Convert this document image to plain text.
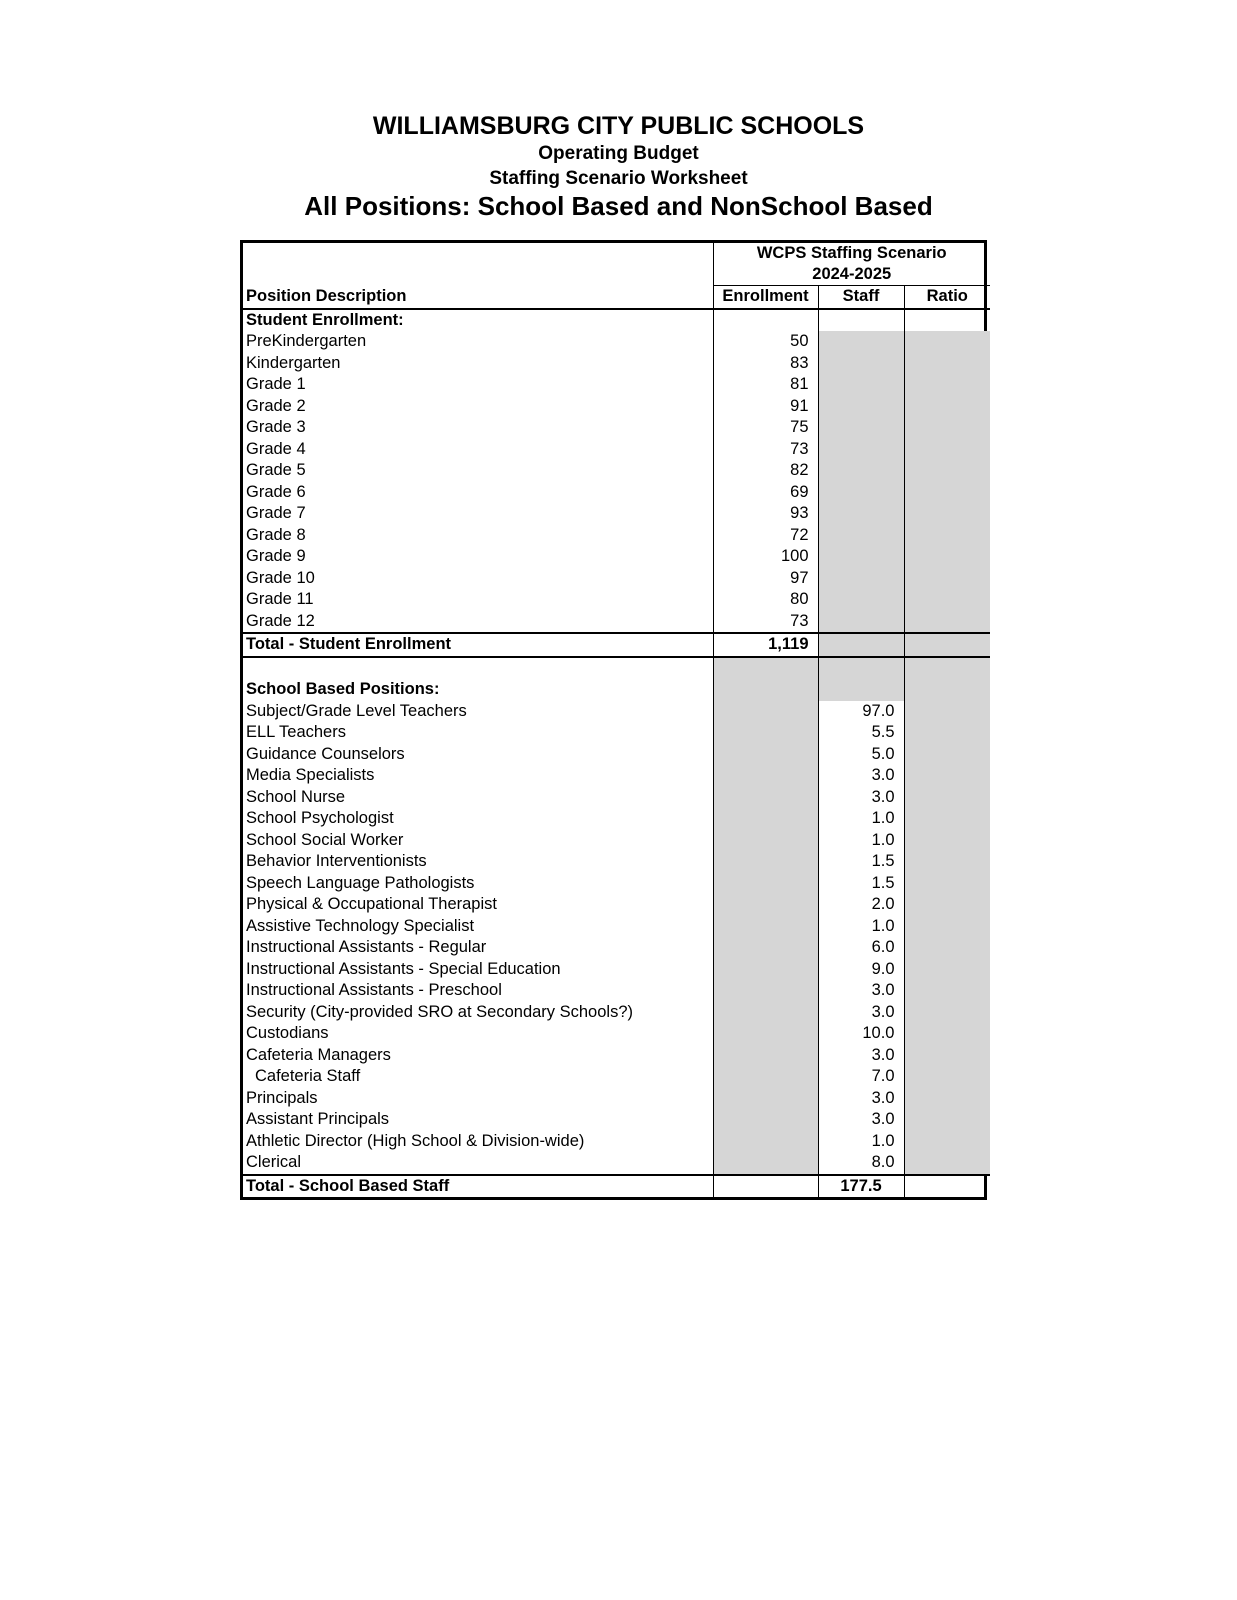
WILLIAMSBURG CITY PUBLIC SCHOOLS
Operating Budget
Staffing Scenario Worksheet
All Positions: School Based and NonSchool Based

	WCPS Staffing Scenario
2024-2025		

Position Description	Enrollment	Staff	Ratio
Student Enrollment:			
PreKindergarten	50		
Kindergarten	83		
Grade 1	81		
Grade 2	91		
Grade 3	75		
Grade 4	73		
Grade 5	82		
Grade 6	69		
Grade 7	93		
Grade 8	72		
Grade 9	100		
Grade 10	97		
Grade 11	80		
Grade 12	73		
Total - Student Enrollment	1,119		

School Based Positions:			
Subject/Grade Level Teachers		97.0	
ELL Teachers		5.5	
Guidance Counselors		5.0	
Media Specialists		3.0	
School Nurse		3.0	
School Psychologist		1.0	
School Social Worker		1.0	
Behavior Interventionists		1.5	
Speech Language Pathologists		1.5	
Physical & Occupational Therapist		2.0	
Assistive Technology Specialist		1.0	
Instructional Assistants - Regular		6.0	
Instructional Assistants - Special Education		9.0	
Instructional Assistants - Preschool		3.0	
Security (City-provided SRO at Secondary Schools?)		3.0	
Custodians		10.0	
Cafeteria Managers		3.0	
Cafeteria Staff		7.0	
Principals		3.0	
Assistant Principals		3.0	
Athletic Director (High School & Division-wide)		1.0	
Clerical		8.0	
Total - School Based Staff		177.5	
